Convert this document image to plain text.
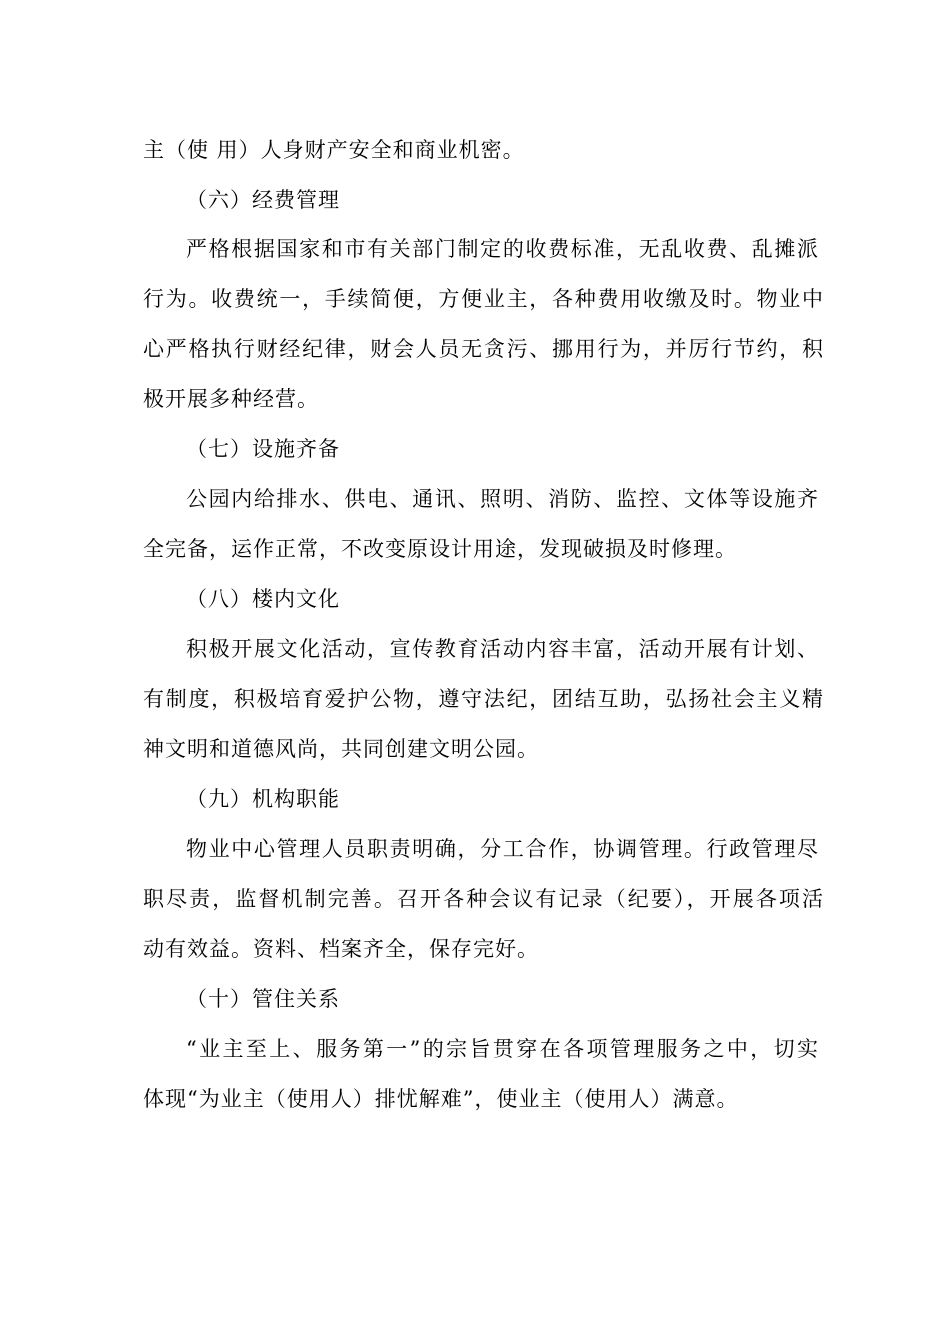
主（使 用）人身财产安全和商业机密。
（六）经费管理
严格根据国家和市有关部门制定的收费标准，无乱收费、乱摊派
行为。收费统一，手续简便，方便业主，各种费用收缴及时。物业中
心严格执行财经纪律，财会人员无贪污、挪用行为，并厉行节约，积
极开展多种经营。
（七）设施齐备
公园内给排水、供电、通讯、照明、消防、监控、文体等设施齐
全完备，运作正常，不改变原设计用途，发现破损及时修理。
（八）楼内文化
积极开展文化活动，宣传教育活动内容丰富，活动开展有计划、
有制度，积极培育爱护公物，遵守法纪，团结互助，弘扬社会主义精
神文明和道德风尚，共同创建文明公园。
（九）机构职能
物业中心管理人员职责明确，分工合作，协调管理。行政管理尽
职尽责，监督机制完善。召开各种会议有记录（纪要），开展各项活
动有效益。资料、档案齐全，保存完好。
（十）管住关系
“业主至上、服务第一”的宗旨贯穿在各项管理服务之中，切实
体现“为业主（使用人）排忧解难”，使业主（使用人）满意。
